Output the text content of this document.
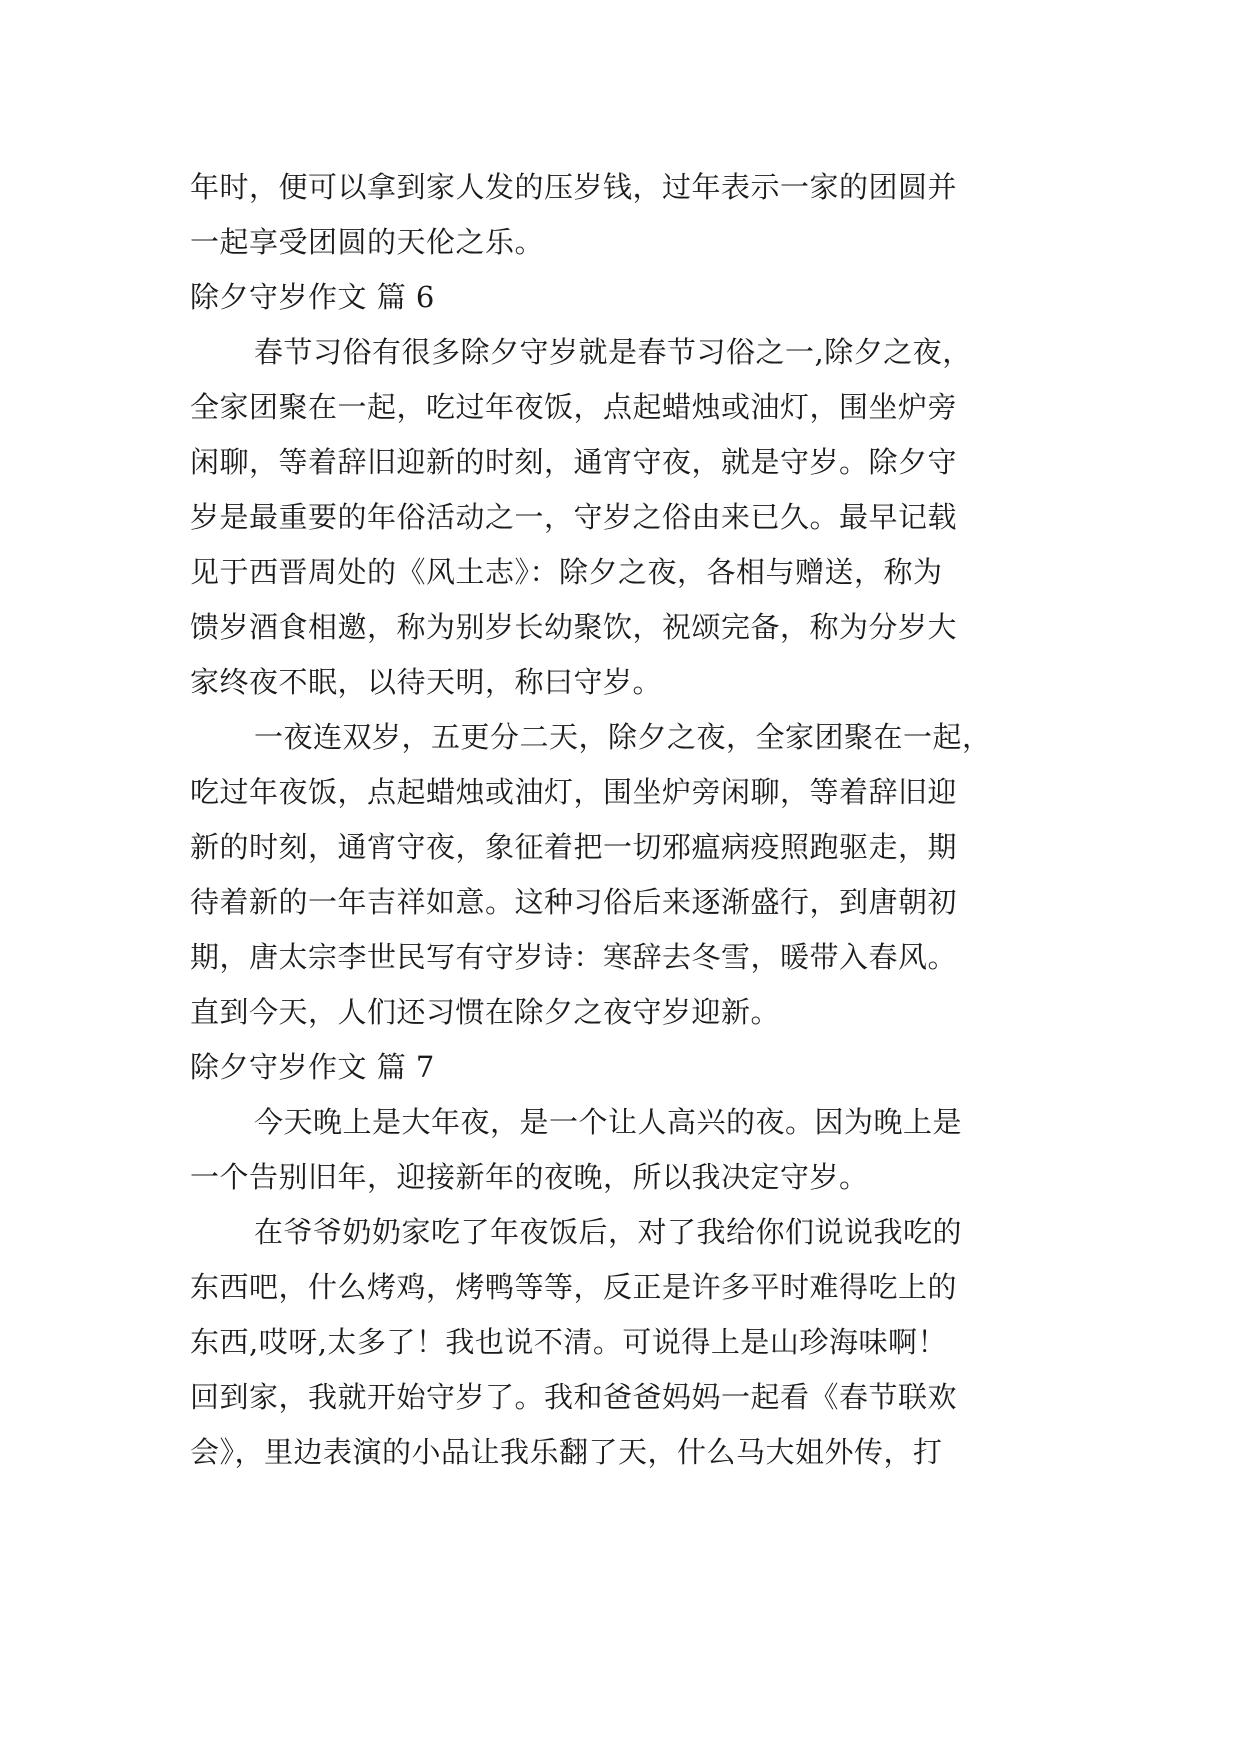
年时，便可以拿到家人发的压岁钱，过年表示一家的团圆并
一起享受团圆的天伦之乐。
除夕守岁作文 篇 6
春节习俗有很多除夕守岁就是春节习俗之一,除夕之夜，
全家团聚在一起，吃过年夜饭，点起蜡烛或油灯，围坐炉旁
闲聊，等着辞旧迎新的时刻，通宵守夜，就是守岁。除夕守
岁是最重要的年俗活动之一，守岁之俗由来已久。最早记载
见于西晋周处的《风土志》：除夕之夜，各相与赠送，称为
馈岁酒食相邀，称为别岁长幼聚饮，祝颂完备，称为分岁大
家终夜不眠，以待天明，称曰守岁。
一夜连双岁，五更分二天，除夕之夜，全家团聚在一起，
吃过年夜饭，点起蜡烛或油灯，围坐炉旁闲聊，等着辞旧迎
新的时刻，通宵守夜，象征着把一切邪瘟病疫照跑驱走，期
待着新的一年吉祥如意。这种习俗后来逐渐盛行，到唐朝初
期，唐太宗李世民写有守岁诗：寒辞去冬雪，暖带入春风。
直到今天，人们还习惯在除夕之夜守岁迎新。
除夕守岁作文 篇 7
今天晚上是大年夜，是一个让人高兴的夜。因为晚上是
一个告别旧年，迎接新年的夜晚，所以我决定守岁。
在爷爷奶奶家吃了年夜饭后，对了我给你们说说我吃的
东西吧，什么烤鸡，烤鸭等等，反正是许多平时难得吃上的
东西,哎呀,太多了！我也说不清。可说得上是山珍海味啊！
回到家，我就开始守岁了。我和爸爸妈妈一起看《春节联欢
会》，里边表演的小品让我乐翻了天，什么马大姐外传，打
